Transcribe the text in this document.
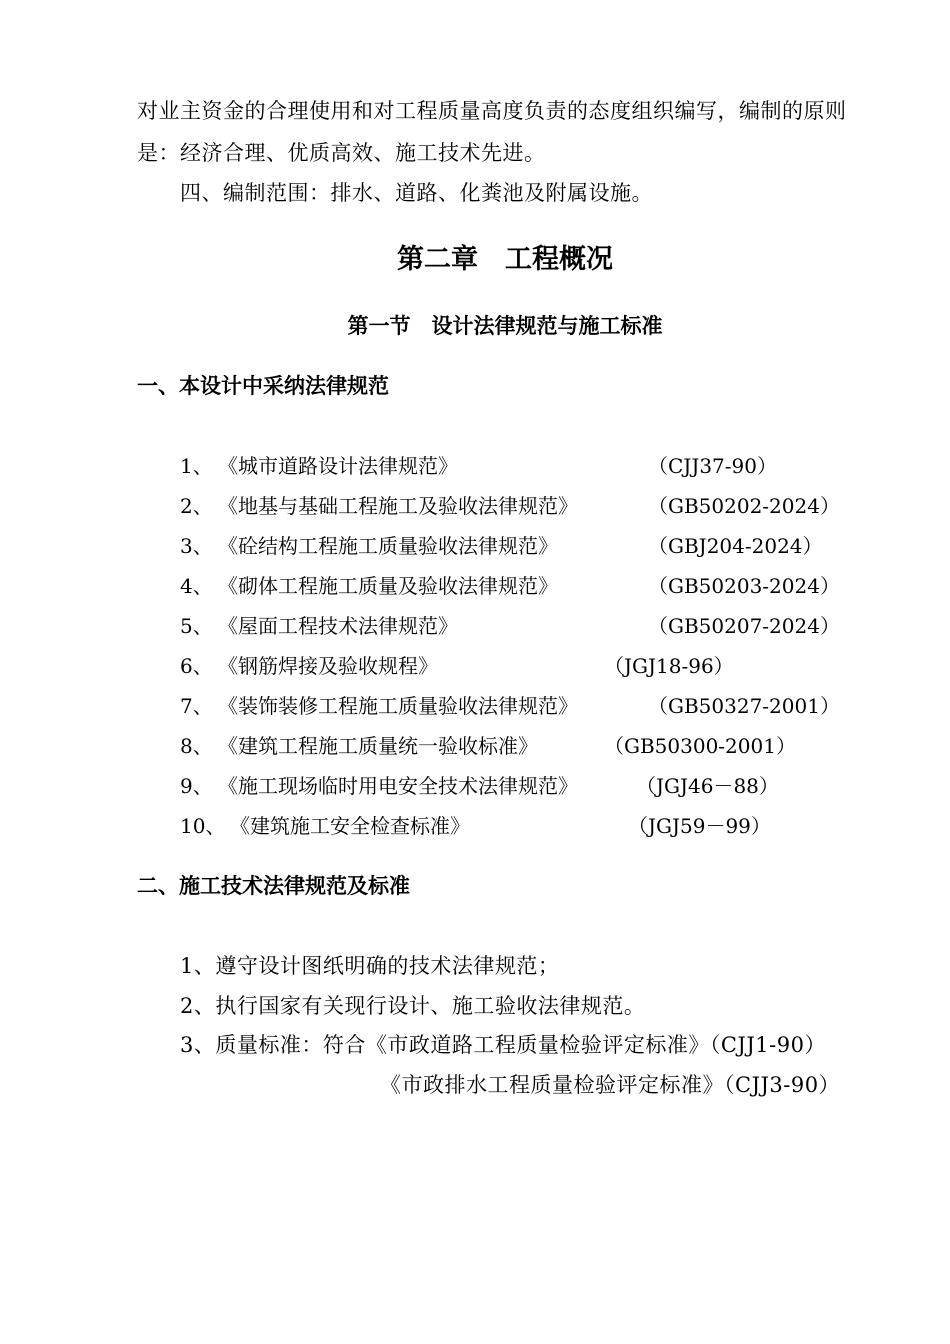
对业主资金的合理使用和对工程质量高度负责的态度组织编写，编制的原则
是：经济合理、优质高效、施工技术先进。
四、编制范围：排水、道路、化粪池及附属设施。
第二章　工程概况
第一节　设计法律规范与施工标准
一、本设计中采纳法律规范
1、 《城市道路设计法律规范》	（CJJ37-90）
2、 《地基与基础工程施工及验收法律规范》	（GB50202-2024）
3、 《砼结构工程施工质量验收法律规范》	（GBJ204-2024）
4、 《砌体工程施工质量及验收法律规范》	（GB50203-2024）
5、 《屋面工程技术法律规范》	（GB50207-2024）
6、 《钢筋焊接及验收规程》	（JGJ18-96）
7、 《装饰装修工程施工质量验收法律规范》	（GB50327-2001）
8、 《建筑工程施工质量统一验收标准》	（GB50300-2001）
9、 《施工现场临时用电安全技术法律规范》	（JGJ46－88）
10、 《建筑施工安全检查标准》	（JGJ59－99）
二、施工技术法律规范及标准
1、遵守设计图纸明确的技术法律规范；
2、执行国家有关现行设计、施工验收法律规范。
3、质量标准：符合《市政道路工程质量检验评定标准》（CJJ1-90）
《市政排水工程质量检验评定标准》（CJJ3-90）
